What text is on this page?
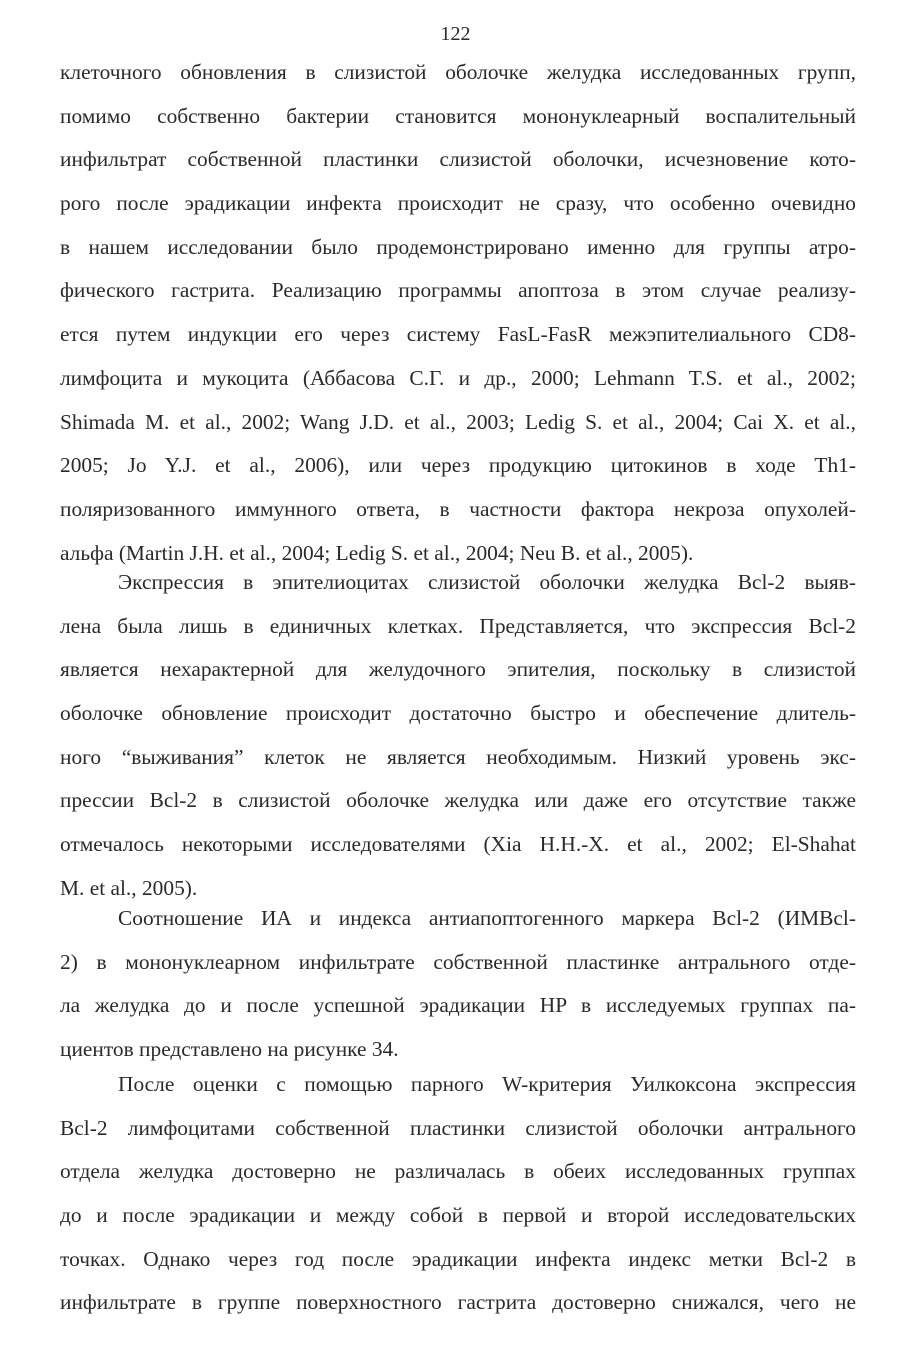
122
клеточного обновления в слизистой оболочке желудка исследованных групп,
помимо собственно бактерии становится мононуклеарный воспалительный
инфильтрат собственной пластинки слизистой оболочки, исчезновение кото-
рого после эрадикации инфекта происходит не сразу, что особенно очевидно
в нашем исследовании было продемонстрировано именно для группы атро-
фического гастрита. Реализацию программы апоптоза в этом случае реализу-
ется путем индукции его через систему FasL-FasR межэпителиального CD8-
лимфоцита и мукоцита (Аббасова С.Г. и др., 2000; Lehmann T.S. et al., 2002;
Shimada M. et al., 2002; Wang J.D. et al., 2003; Ledig S. et al., 2004; Cai X. et al.,
2005; Jo Y.J. et al., 2006), или через продукцию цитокинов в ходе Th1-
поляризованного иммунного ответа, в частности фактора некроза опухолей-
альфа (Martin J.H. et al., 2004; Ledig S. et al., 2004; Neu B. et al., 2005).
Экспрессия в эпителиоцитах слизистой оболочки желудка Bcl-2 выяв-
лена была лишь в единичных клетках. Представляется, что экспрессия Bcl-2
является нехарактерной для желудочного эпителия, поскольку в слизистой
оболочке обновление происходит достаточно быстро и обеспечение длитель-
ного “выживания” клеток не является необходимым. Низкий уровень экс-
прессии Bcl-2 в слизистой оболочке желудка или даже его отсутствие также
отмечалось некоторыми исследователями (Xia H.H.-X. et al., 2002; El-Shahat
M. et al., 2005).
Соотношение ИА и индекса антиапоптогенного маркера Bcl-2 (ИМBcl-
2) в мононуклеарном инфильтрате собственной пластинке антрального отде-
ла желудка до и после успешной эрадикации HP в исследуемых группах па-
циентов представлено на рисунке 34.
После оценки с помощью парного W-критерия Уилкоксона экспрессия
Bcl-2 лимфоцитами собственной пластинки слизистой оболочки антрального
отдела желудка достоверно не различалась в обеих исследованных группах
до и после эрадикации и между собой в первой и второй исследовательских
точках. Однако через год после эрадикации инфекта индекс метки Bcl-2 в
инфильтрате в группе поверхностного гастрита достоверно снижался, чего не
